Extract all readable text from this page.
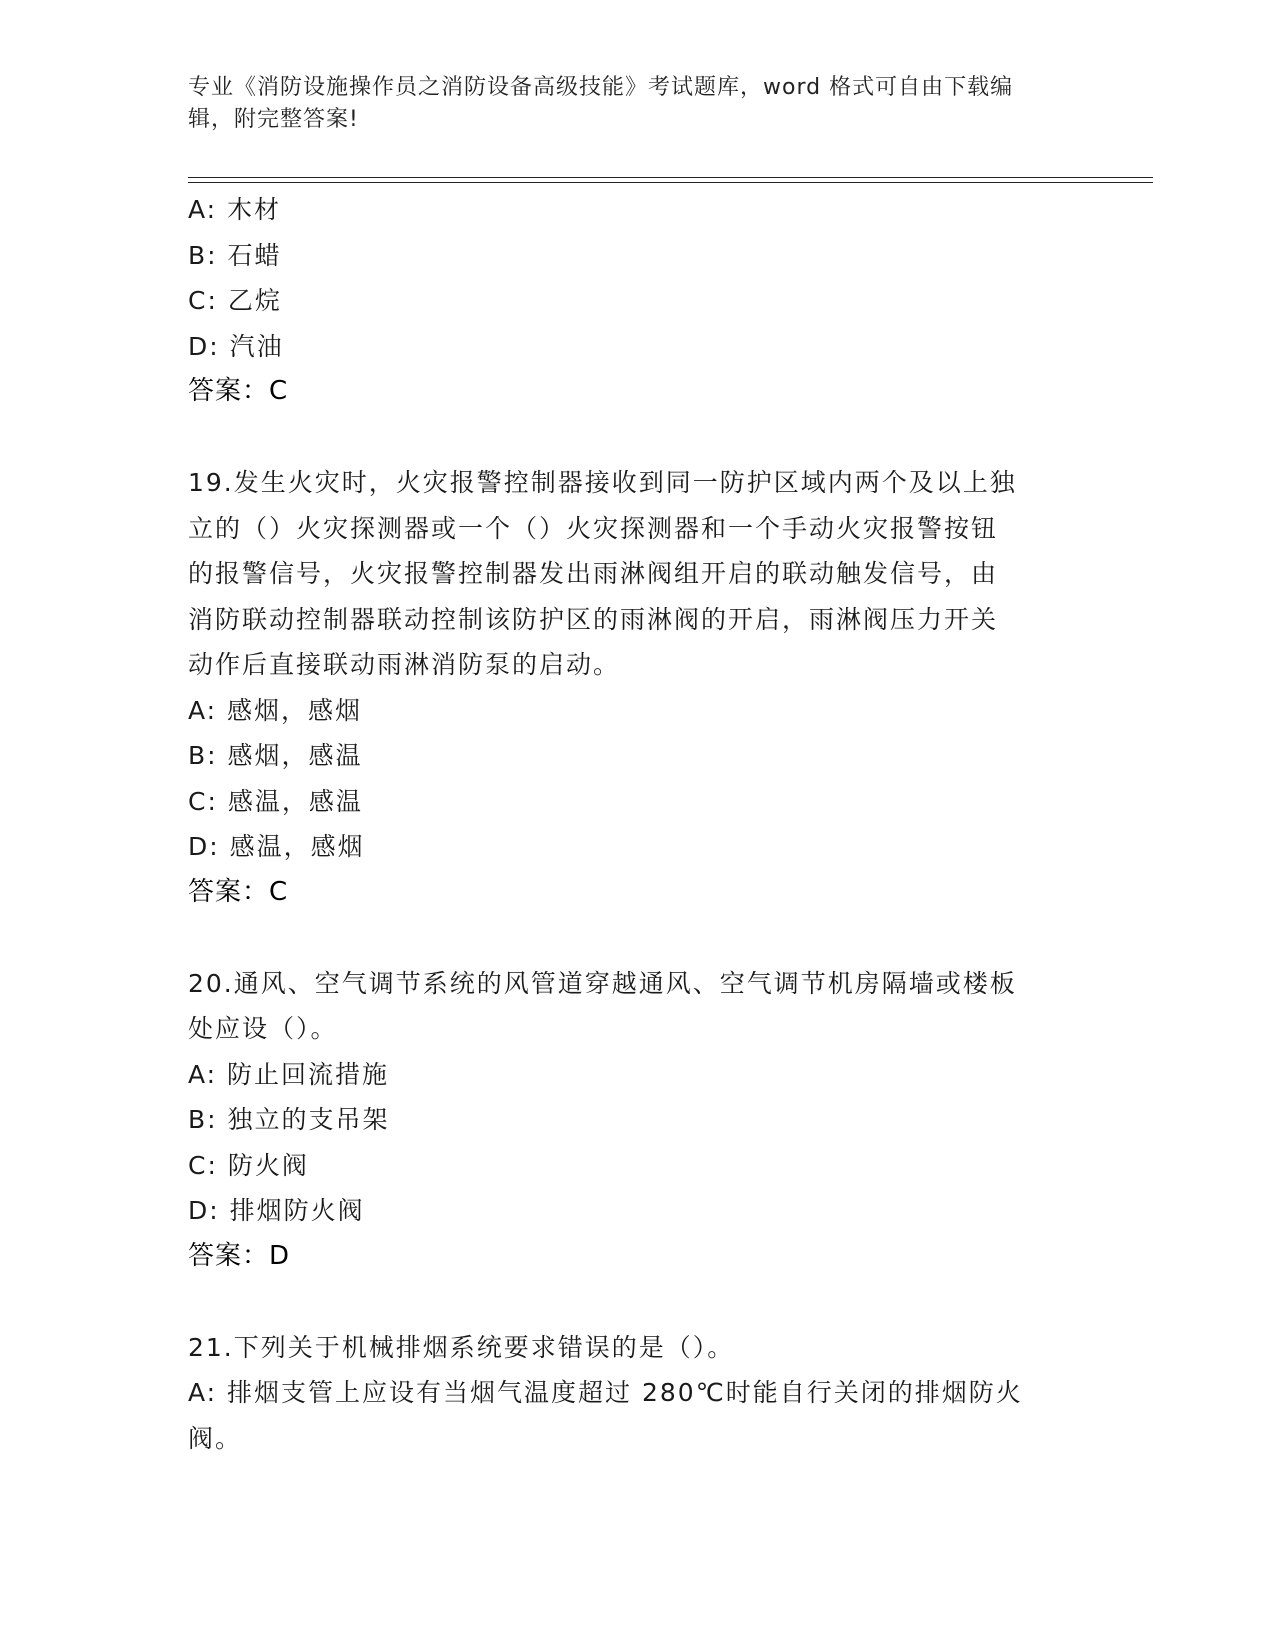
专业《消防设施操作员之消防设备高级技能》考试题库，word 格式可自由下载编
辑，附完整答案!
A: 木材
B: 石蜡
C: 乙烷
D: 汽油
答案：C
19.发生火灾时，火灾报警控制器接收到同一防护区域内两个及以上独
立的（）火灾探测器或一个（）火灾探测器和一个手动火灾报警按钮
的报警信号，火灾报警控制器发出雨淋阀组开启的联动触发信号，由
消防联动控制器联动控制该防护区的雨淋阀的开启，雨淋阀压力开关
动作后直接联动雨淋消防泵的启动。
A: 感烟，感烟
B: 感烟，感温
C: 感温，感温
D: 感温，感烟
答案：C
20.通风、空气调节系统的风管道穿越通风、空气调节机房隔墙或楼板
处应设（）。
A: 防止回流措施
B: 独立的支吊架
C: 防火阀
D: 排烟防火阀
答案：D
21.下列关于机械排烟系统要求错误的是（）。
A: 排烟支管上应设有当烟气温度超过 280℃时能自行关闭的排烟防火
阀。
